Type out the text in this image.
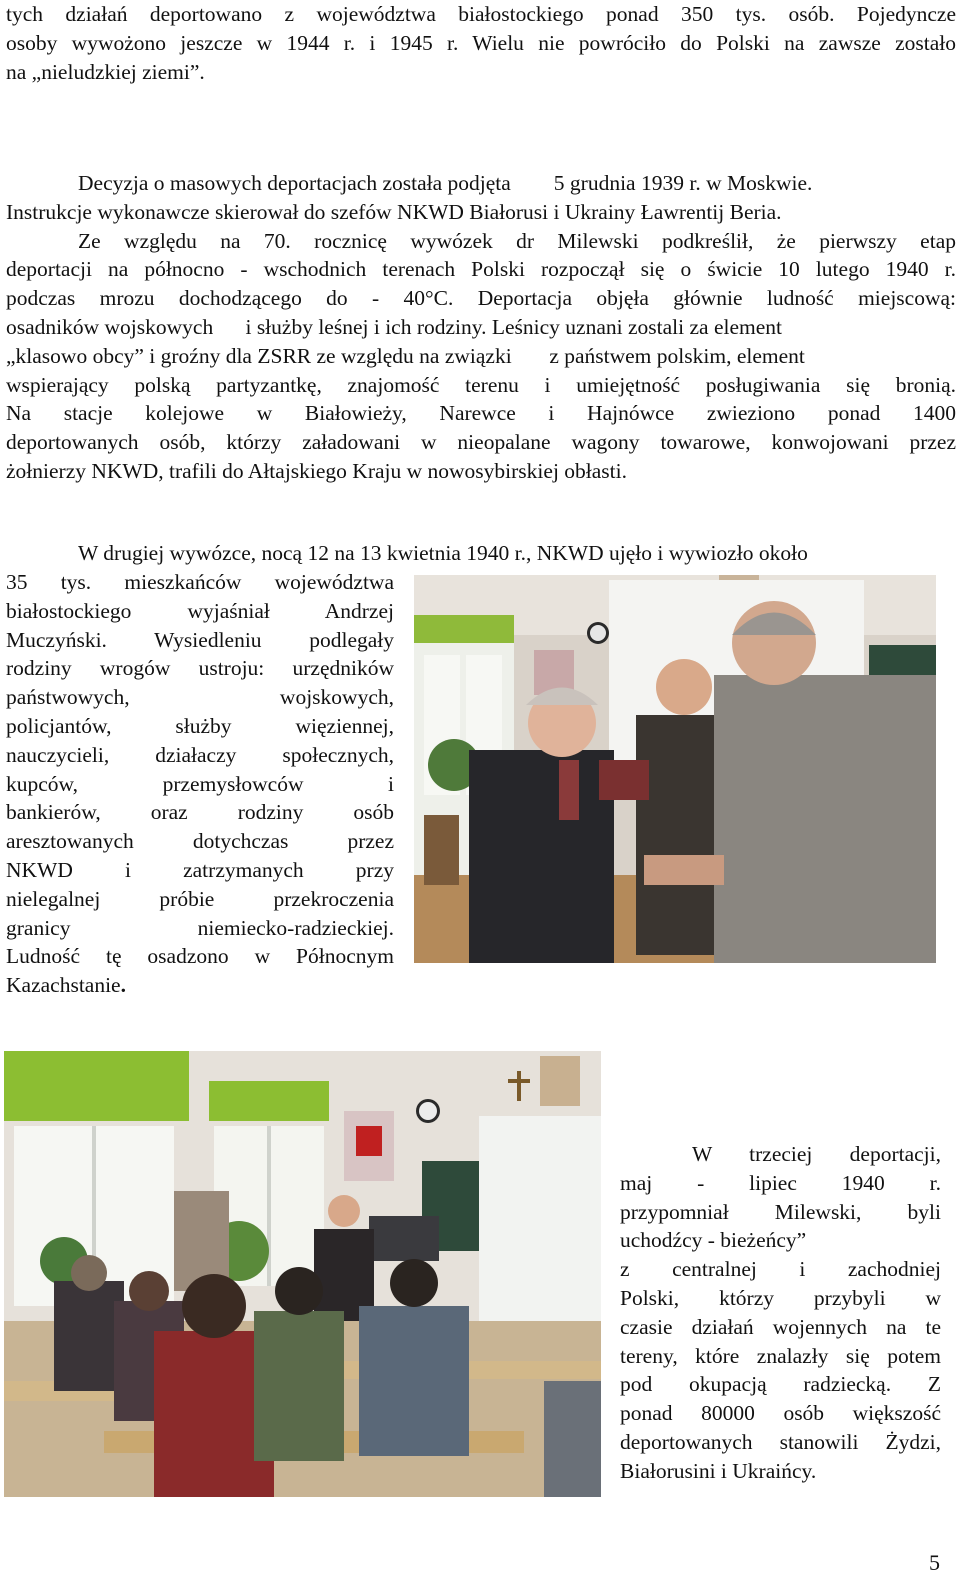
tych działań deportowano z województwa białostockiego ponad 350 tys. osób. Pojedyncze
osoby wywożono jeszcze w 1944 r. i 1945 r. Wielu nie powróciło do Polski na zawsze zostało
na „nieludzkiej ziemi”.
Decyzja o masowych deportacjach została podjęta        5 grudnia 1939 r. w Moskwie.
Instrukcje wykonawcze skierował do szefów NKWD Białorusi i Ukrainy Ławrentij Beria.
Ze względu na 70. rocznicę wywózek dr Milewski podkreślił, że pierwszy etap
deportacji na północno - wschodnich terenach Polski rozpoczął się o świcie 10 lutego 1940 r.
podczas mrozu dochodzącego do - 40°C. Deportacja objęła głównie ludność miejscową:
osadników wojskowych      i służby leśnej i ich rodziny. Leśnicy uznani zostali za element
„klasowo obcy” i groźny dla ZSRR ze względu na związki       z państwem polskim, element
wspierający polską partyzantkę, znajomość terenu i umiejętność posługiwania się bronią.
Na stacje kolejowe w Białowieży, Narewce i Hajnówce zwieziono ponad 1400
deportowanych osób, którzy załadowani w nieopalane wagony towarowe, konwojowani przez
żołnierzy NKWD, trafili do Ałtajskiego Kraju w nowosybirskiej obłasti.
W drugiej wywózce, nocą 12 na 13 kwietnia 1940 r., NKWD ujęło i wywiozło około
35 tys. mieszkańców województwa
białostockiego wyjaśniał Andrzej
Muczyński. Wysiedleniu podlegały
rodziny wrogów ustroju: urzędników
państwowych, wojskowych,
policjantów, służby więziennej,
nauczycieli, działaczy społecznych,
kupców, przemysłowców i
bankierów, oraz rodziny osób
aresztowanych dotychczas przez
NKWD i zatrzymanych przy
nielegalnej próbie przekroczenia
granicy niemiecko-radzieckiej.
Ludność tę osadzono w Północnym
Kazachstanie.
W trzeciej deportacji,
maj - lipiec 1940 r.
przypomniał Milewski, byli
uchodźcy - bieżeńcy”
z centralnej i zachodniej
Polski, którzy przybyli w
czasie działań wojennych na te
tereny, które znalazły się potem
pod okupacją radziecką. Z
ponad 80000 osób większość
deportowanych stanowili Żydzi,
Białorusini i Ukraińcy.
5
